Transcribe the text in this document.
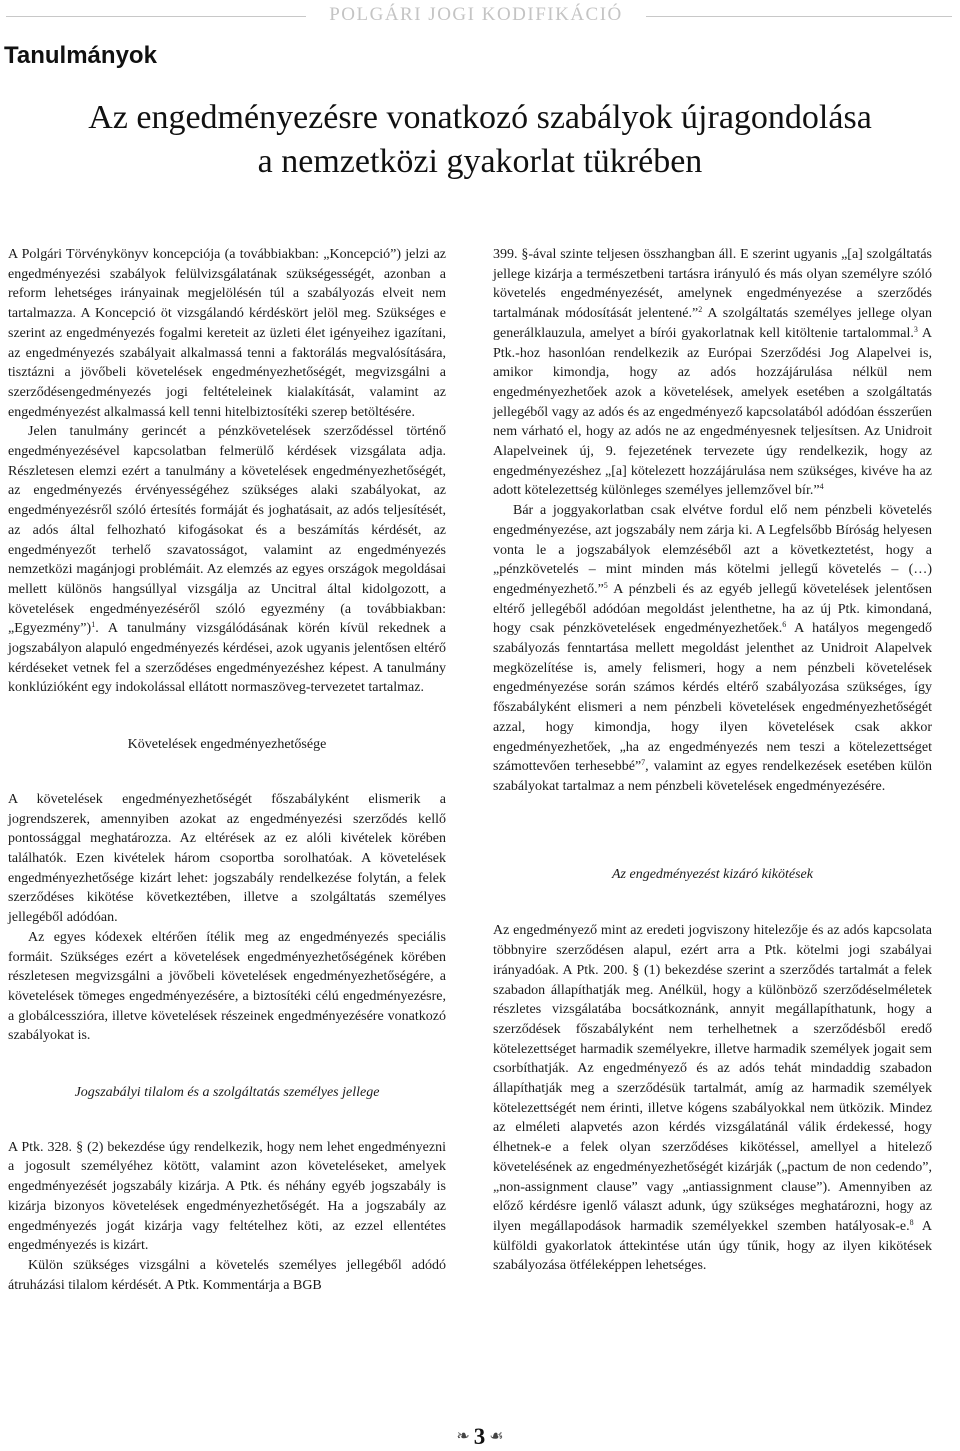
POLGÁRI JOGI KODIFIKÁCIÓ
Tanulmányok
Az engedményezésre vonatkozó szabályok újragondolása
a nemzetközi gyakorlat tükrében

A Polgári Törvénykönyv koncepciója (a továbbiakban: „Koncepció”) jelzi az engedményezési szabályok felülvizsgálatának szükségességét, azonban a reform lehetséges irányainak megjelölésén túl a szabályozás elveit nem tartalmazza. A Koncepció öt vizsgálandó kérdéskört jelöl meg. Szükséges e szerint az engedményezés fogalmi kereteit az üzleti élet igényeihez igazítani, az engedményezés szabályait alkalmassá tenni a faktorálás megvalósítására, tisztázni a jövőbeli követelések engedményezhetőségét, megvizsgálni a szerződésengedményezés jogi feltételeinek kialakítását, valamint az engedményezést alkalmassá kell tenni hitelbiztosítéki szerep betöltésére.

Jelen tanulmány gerincét a pénzkövetelések szerződéssel történő engedményezésével kapcsolatban felmerülő kérdések vizsgálata adja. Részletesen elemzi ezért a tanulmány a követelések engedményezhetőségét, az engedményezés érvényességéhez szükséges alaki szabályokat, az engedményezésről szóló értesítés formáját és joghatásait, az adós teljesítését, az adós által felhozható kifogásokat és a beszámítás kérdését, az engedményezőt terhelő szavatosságot, valamint az engedményezés nemzetközi magánjogi problémáit. Az elemzés az egyes országok megoldásai mellett különös hangsúllyal vizsgálja az Uncitral által kidolgozott, a követelések engedményezéséről szóló egyezmény (a továbbiakban: „Egyezmény”)$^1$. A tanulmány vizsgálódásának körén kívül rekednek a jogszabályon alapuló engedményezés kérdései, azok ugyanis jelentősen eltérő kérdéseket vetnek fel a szerződéses engedményezéshez képest. A tanulmány konklúzióként egy indokolással ellátott normaszöveg-tervezetet tartalmaz.

Követelések engedményezhetősége

A követelések engedményezhetőségét főszabályként elismerik a jogrendszerek, amennyiben azokat az engedményezési szerződés kellő pontossággal meghatározza. Az eltérések az ez alóli kivételek körében találhatók. Ezen kivételek három csoportba sorolhatóak. A követelések engedményezhetősége kizárt lehet: jogszabály rendelkezése folytán, a felek szerződéses kikötése következtében, illetve a szolgáltatás személyes jellegéből adódóan.

Az egyes kódexek eltérően ítélik meg az engedményezés speciális formáit. Szükséges ezért a követelések engedményezhetőségének körében részletesen megvizsgálni a jövőbeli követelések engedményezhetőségére, a követelések tömeges engedményezésére, a biztosítéki célú engedményezésre, a globálcesszióra, illetve követelések részeinek engedményezésére vonatkozó szabályokat is.

Jogszabályi tilalom és a szolgáltatás személyes jellege

A Ptk. 328. § (2) bekezdése úgy rendelkezik, hogy nem lehet engedményezni a jogosult személyéhez kötött, valamint azon követeléseket, amelyek engedményezését jogszabály kizárja. A Ptk. és néhány egyéb jogszabály is kizárja bizonyos követelések engedményezhetőségét. Ha a jogszabály az engedményezés jogát kizárja vagy feltételhez köti, az ezzel ellentétes engedményezés is kizárt.

Külön szükséges vizsgálni a követelés személyes jellegéből adódó átruházási tilalom kérdését. A Ptk. Kommentárja a BGB

399. §-ával szinte teljesen összhangban áll. E szerint ugyanis „[a] szolgáltatás jellege kizárja a természetbeni tartásra irányuló és más olyan személyre szóló követelés engedményezését, amelynek engedményezése a szerződés tartalmának módosítását jelentené.”$^2$ A szolgáltatás személyes jellege olyan generálklauzula, amelyet a bírói gyakorlatnak kell kitöltenie tartalommal.$^3$ A Ptk.-hoz hasonlóan rendelkezik az Európai Szerződési Jog Alapelvei is, amikor kimondja, hogy az adós hozzájárulása nélkül nem engedményezhetőek azok a követelések, amelyek esetében a szolgáltatás jellegéből vagy az adós és az engedményező kapcsolatából adódóan ésszerűen nem várható el, hogy az adós ne az engedményesnek teljesítsen. Az Unidroit Alapelveinek új, 9. fejezetének tervezete úgy rendelkezik, hogy az engedményezéshez „[a] kötelezett hozzájárulása nem szükséges, kivéve ha az adott kötelezettség különleges személyes jellemzővel bír.”$^4$

Bár a joggyakorlatban csak elvétve fordul elő nem pénzbeli követelés engedményezése, azt jogszabály nem zárja ki. A Legfelsőbb Bíróság helyesen vonta le a jogszabályok elemzéséből azt a következtetést, hogy a „pénzkövetelés – mint minden más kötelmi jellegű követelés – (…) engedményezhető.”$^5$ A pénzbeli és az egyéb jellegű követelések jelentősen eltérő jellegéből adódóan megoldást jelenthetne, ha az új Ptk. kimondaná, hogy csak pénzkövetelések engedményezhetőek.$^6$ A hatályos megengedő szabályozás fenntartása mellett megoldást jelenthet az Unidroit Alapelvek megközelítése is, amely felismeri, hogy a nem pénzbeli követelések engedményezése során számos kérdés eltérő szabályozása szükséges, így főszabályként elismeri a nem pénzbeli követelések engedményezhetőségét azzal, hogy kimondja, hogy ilyen követelések csak akkor engedményezhetőek, „ha az engedményezés nem teszi a kötelezettséget számottevően terhesebbé”$^7$, valamint az egyes rendelkezések esetében külön szabályokat tartalmaz a nem pénzbeli követelések engedményezésére.

Az engedményezést kizáró kikötések

Az engedményező mint az eredeti jogviszony hitelezője és az adós kapcsolata többnyire szerződésen alapul, ezért arra a Ptk. kötelmi jogi szabályai irányadóak. A Ptk. 200. § (1) bekezdése szerint a szerződés tartalmát a felek szabadon állapíthatják meg. Anélkül, hogy a különböző szerződéselméletek részletes vizsgálatába bocsátkoznánk, annyit megállapíthatunk, hogy a szerződések főszabályként nem terhelhetnek a szerződésből eredő kötelezettséget harmadik személyekre, illetve harmadik személyek jogait sem csorbíthatják. Az engedményező és az adós tehát mindaddig szabadon állapíthatják meg a szerződésük tartalmát, amíg az harmadik személyek kötelezettségét nem érinti, illetve kógens szabályokkal nem ütközik. Mindez az elméleti alapvetés azon kérdés vizsgálatánál válik érdekessé, hogy élhetnek-e a felek olyan szerződéses kikötéssel, amellyel a hitelező követelésének az engedményezhetőségét kizárják („pactum de non cedendo”, „non-assignment clause” vagy „antiassignment clause”). Amennyiben az előző kérdésre igenlő választ adunk, úgy szükséges meghatározni, hogy az ilyen megállapodások harmadik személyekkel szemben hatályosak-e.$^8$ A külföldi gyakorlatok áttekintése után úgy tűnik, hogy az ilyen kikötések szabályozása ötféleképpen lehetséges.

❧ 3 ☙
